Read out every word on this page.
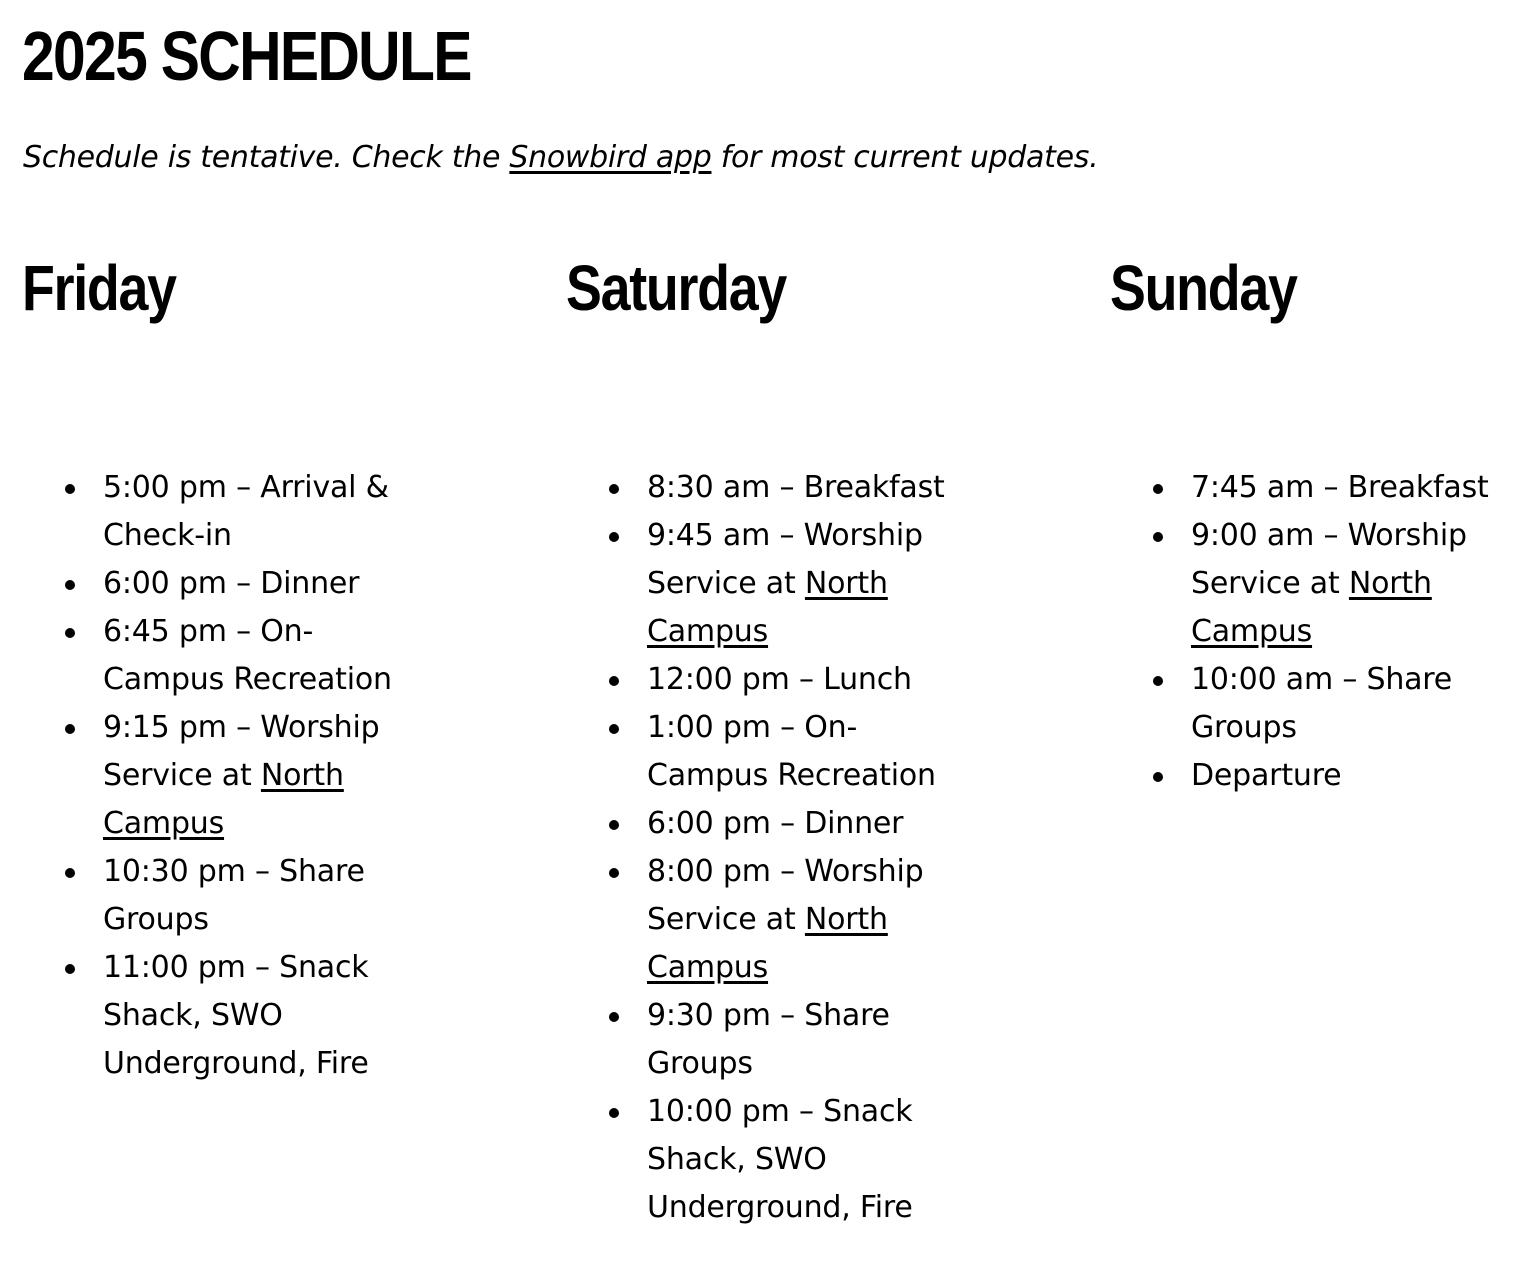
2025 SCHEDULE

Schedule is tentative. Check the Snowbird app for most current updates.

Friday
5:00 pm – Arrival & Check-in
6:00 pm – Dinner
6:45 pm – On-Campus Recreation
9:15 pm – Worship Service at North Campus
10:30 pm – Share Groups
11:00 pm – Snack Shack, SWO Underground, Fire
Saturday
8:30 am – Breakfast
9:45 am – Worship Service at North Campus
12:00 pm – Lunch
1:00 pm – On-Campus Recreation
6:00 pm – Dinner
8:00 pm – Worship Service at North Campus
9:30 pm – Share Groups
10:00 pm – Snack Shack, SWO Underground, Fire
Sunday
7:45 am – Breakfast
9:00 am – Worship Service at North Campus
10:00 am – Share Groups
Departure
